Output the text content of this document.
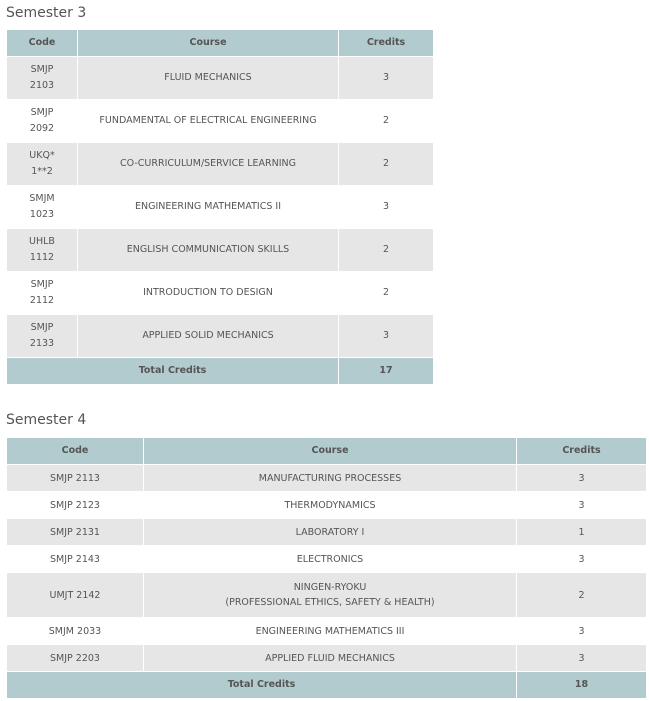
Semester 3
Code	Course	Credits

SMJP
2103	FLUID MECHANICS	3

SMJP
2092	FUNDAMENTAL OF ELECTRICAL ENGINEERING	2

UKQ*
1**2	CO-CURRICULUM/SERVICE LEARNING	2

SMJM
1023	ENGINEERING MATHEMATICS II	3

UHLB
1112	ENGLISH COMMUNICATION SKILLS	2

SMJP
2112	INTRODUCTION TO DESIGN	2

SMJP
2133	APPLIED SOLID MECHANICS	3
Total Credits		17
Semester 4
Code	Course	Credits
SMJP 2113	MANUFACTURING PROCESSES	3
SMJP 2123	THERMODYNAMICS	3
SMJP 2131	LABORATORY I	1
SMJP 2143	ELECTRONICS	3
UMJT 2142	NINGEN-RYOKU
(PROFESSIONAL ETHICS, SAFETY & HEALTH)	2
SMJM 2033	ENGINEERING MATHEMATICS III	3
SMJP 2203	APPLIED FLUID MECHANICS	3
Total Credits		18
